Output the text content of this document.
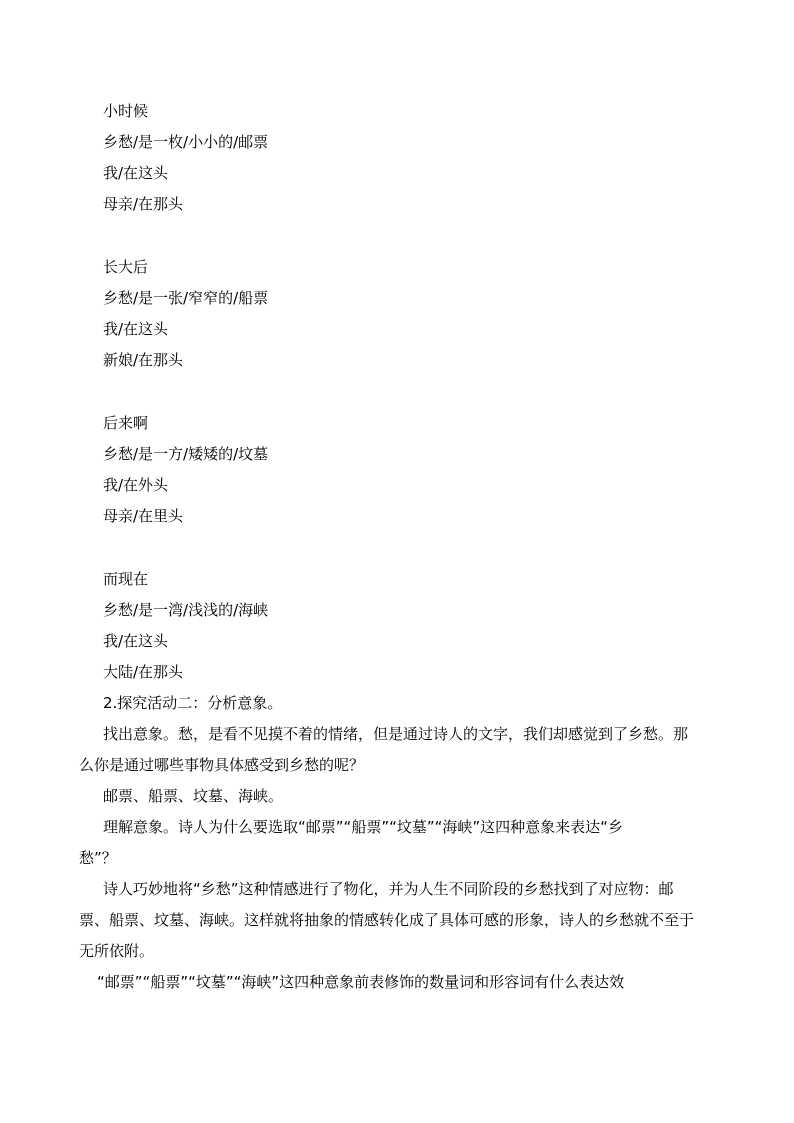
小时候
乡愁/是一枚/小小的/邮票
我/在这头
母亲/在那头
长大后
乡愁/是一张/窄窄的/船票
我/在这头
新娘/在那头
后来啊
乡愁/是一方/矮矮的/坟墓
我/在外头
母亲/在里头
而现在
乡愁/是一湾/浅浅的/海峡
我/在这头
大陆/在那头
2.探究活动二：分析意象。
找出意象。愁，是看不见摸不着的情绪，但是通过诗人的文字，我们却感觉到了乡愁。那
么你是通过哪些事物具体感受到乡愁的呢？
邮票、船票、坟墓、海峡。
理解意象。诗人为什么要选取“邮票”“船票”“坟墓”“海峡”这四种意象来表达“乡
愁”？
诗人巧妙地将“乡愁”这种情感进行了物化，并为人生不同阶段的乡愁找到了对应物：邮
票、船票、坟墓、海峡。这样就将抽象的情感转化成了具体可感的形象，诗人的乡愁就不至于
无所依附。
“邮票”“船票”“坟墓”“海峡”这四种意象前表修饰的数量词和形容词有什么表达效
